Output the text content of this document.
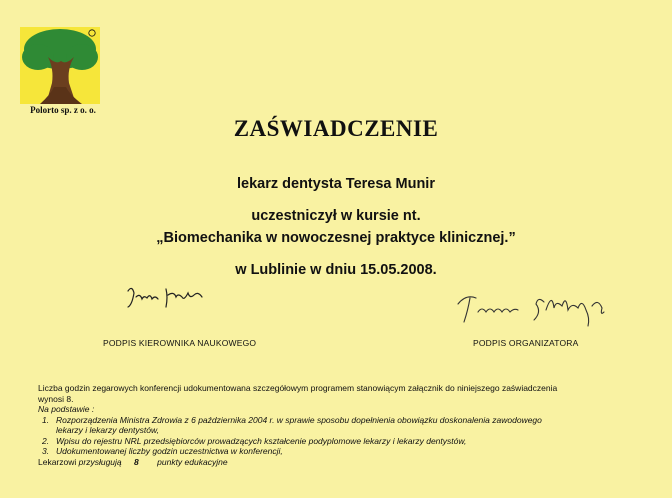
Polorto sp. z o. o.
ZAŚWIADCZENIE
lekarz dentysta Teresa Munir
uczestniczył w kursie nt.
„Biomechanika w nowoczesnej praktyce klinicznej.”
w Lublinie w dniu 15.05.2008.
PODPIS KIEROWNIKA NAUKOWEGO	PODPIS ORGANIZATORA
Liczba godzin zegarowych konferencji udokumentowana szczegółowym programem stanowiącym załącznik do niniejszego zaświadczenia
wynosi 8.
Na podstawie :
1. Rozporządzenia Ministra Zdrowia z 6 października 2004 r. w sprawie sposobu dopełnienia obowiązku doskonalenia zawodowego
lekarzy i lekarzy dentystów,
2. Wpisu do rejestru NRL przedsiębiorców prowadzących kształcenie podyplomowe lekarzy i lekarzy dentystów,
3. Udokumentowanej liczby godzin uczestnictwa w konferencji,
Lekarzowi przysługują 8 punkty edukacyjne
